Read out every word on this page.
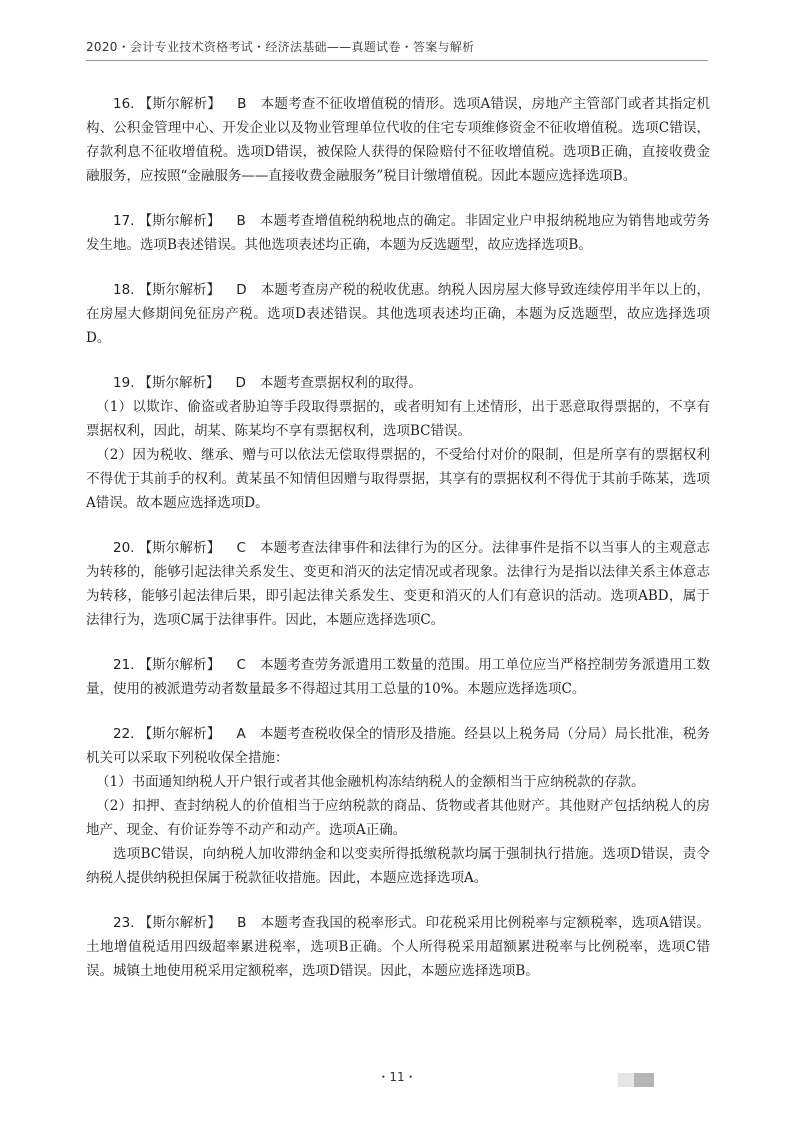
2020・会计专业技术资格考试・经济法基础——真题试卷・答案与解析

16. 【斯尔解析】 B 本题考查不征收增值税的情形。选项A错误，房地产主管部门或者其指定机构、公积金管理中心、开发企业以及物业管理单位代收的住宅专项维修资金不征收增值税。选项C错误，存款利息不征收增值税。选项D错误，被保险人获得的保险赔付不征收增值税。选项B正确，直接收费金融服务，应按照“金融服务——直接收费金融服务”税目计缴增值税。因此本题应选择选项B。

17. 【斯尔解析】 B 本题考查增值税纳税地点的确定。非固定业户申报纳税地应为销售地或劳务发生地。选项B表述错误。其他选项表述均正确，本题为反选题型，故应选择选项B。

18. 【斯尔解析】 D 本题考查房产税的税收优惠。纳税人因房屋大修导致连续停用半年以上的，在房屋大修期间免征房产税。选项D表述错误。其他选项表述均正确，本题为反选题型，故应选择选项D。

19. 【斯尔解析】 D 本题考查票据权利的取得。

（1）以欺诈、偷盗或者胁迫等手段取得票据的，或者明知有上述情形，出于恶意取得票据的，不享有票据权利，因此，胡某、陈某均不享有票据权利，选项BC错误。

（2）因为税收、继承、赠与可以依法无偿取得票据的，不受给付对价的限制，但是所享有的票据权利不得优于其前手的权利。黄某虽不知情但因赠与取得票据，其享有的票据权利不得优于其前手陈某，选项A错误。故本题应选择选项D。

20. 【斯尔解析】 C 本题考查法律事件和法律行为的区分。法律事件是指不以当事人的主观意志为转移的，能够引起法律关系发生、变更和消灭的法定情况或者现象。法律行为是指以法律关系主体意志为转移，能够引起法律后果，即引起法律关系发生、变更和消灭的人们有意识的活动。选项ABD，属于法律行为，选项C属于法律事件。因此，本题应选择选项C。

21. 【斯尔解析】 C 本题考查劳务派遣用工数量的范围。用工单位应当严格控制劳务派遣用工数量，使用的被派遣劳动者数量最多不得超过其用工总量的10%。本题应选择选项C。

22. 【斯尔解析】 A 本题考查税收保全的情形及措施。经县以上税务局（分局）局长批准，税务机关可以采取下列税收保全措施：

（1）书面通知纳税人开户银行或者其他金融机构冻结纳税人的金额相当于应纳税款的存款。

（2）扣押、查封纳税人的价值相当于应纳税款的商品、货物或者其他财产。其他财产包括纳税人的房地产、现金、有价证券等不动产和动产。选项A正确。

选项BC错误，向纳税人加收滞纳金和以变卖所得抵缴税款均属于强制执行措施。选项D错误，责令纳税人提供纳税担保属于税款征收措施。因此，本题应选择选项A。

23. 【斯尔解析】 B 本题考查我国的税率形式。印花税采用比例税率与定额税率，选项A错误。土地增值税适用四级超率累进税率，选项B正确。个人所得税采用超额累进税率与比例税率，选项C错误。城镇土地使用税采用定额税率，选项D错误。因此，本题应选择选项B。

・11・
